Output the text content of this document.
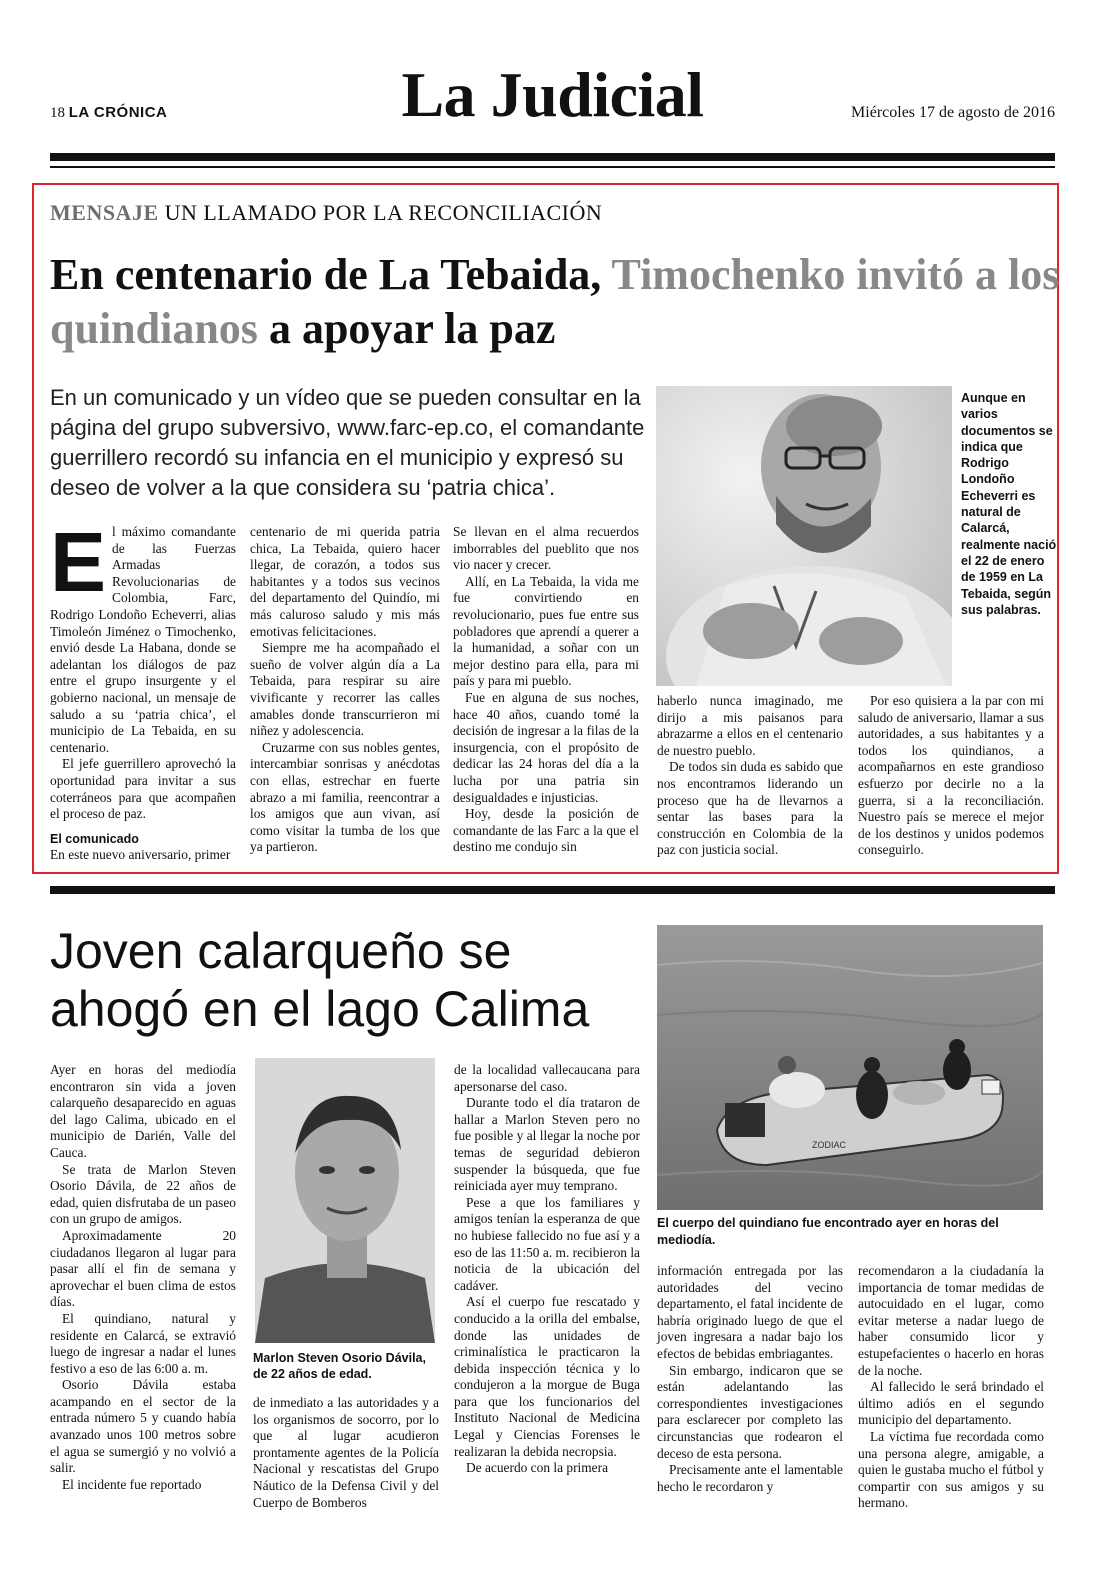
18 LA CRÓNICA	La Judicial	Miércoles 17 de agosto de 2016
MENSAJE UN LLAMADO POR LA RECONCILIACIÓN
En centenario de La Tebaida, Timochenko invitó a los quindianos a apoyar la paz
En un comunicado y un vídeo que se pueden consultar en la página del grupo subversivo, www.farc-ep.co, el comandante guerrillero recordó su infancia en el municipio y expresó su deseo de volver a la que considera su ‘patria chica’.

El máximo comandante de las Fuerzas Armadas Revolucionarias de Colombia, Farc, Rodrigo Londoño Echeverri, alias Timoleón Jiménez o Timochenko, envió desde La Habana, donde se adelantan los diálogos de paz entre el grupo insurgente y el gobierno nacional, un mensaje de saludo a su ‘patria chica’, el municipio de La Tebaida, en su centenario.

El jefe guerrillero aprovechó la oportunidad para invitar a sus coterráneos para que acompañen el proceso de paz.

El comunicado

En este nuevo aniversario, primer

centenario de mi querida patria chica, La Tebaida, quiero hacer llegar, de corazón, a todos sus habitantes y a todos sus vecinos del departamento del Quindío, mi más caluroso saludo y mis más emotivas felicitaciones.

Siempre me ha acompañado el sueño de volver algún día a La Tebaida, para respirar su aire vivificante y recorrer las calles amables donde transcurrieron mi niñez y adolescencia.

Cruzarme con sus nobles gentes, intercambiar sonrisas y anécdotas con ellas, estrechar en fuerte abrazo a mi familia, reencontrar a los amigos que aun vivan, así como visitar la tumba de los que ya partieron.

Se llevan en el alma recuerdos imborrables del pueblito que nos vio nacer y crecer.

Allí, en La Tebaida, la vida me fue convirtiendo en revolucionario, pues fue entre sus pobladores que aprendí a querer a la humanidad, a soñar con un mejor destino para ella, para mi país y para mi pueblo.

Fue en alguna de sus noches, hace 40 años, cuando tomé la decisión de ingresar a la filas de la insurgencia, con el propósito de dedicar las 24 horas del día a la lucha por una patria sin desigualdades e injusticias.

Hoy, desde la posición de comandante de las Farc a la que el destino me condujo sin

Aunque en varios documentos se indica que Rodrigo Londoño Echeverri es natural de Calarcá, realmente nació el 22 de enero de 1959 en La Tebaida, según sus palabras.

haberlo nunca imaginado, me dirijo a mis paisanos para abrazarme a ellos en el centenario de nuestro pueblo.

De todos sin duda es sabido que nos encontramos liderando un proceso que ha de llevarnos a sentar las bases para la construcción en Colombia de la paz con justicia social.

Por eso quisiera a la par con mi saludo de aniversario, llamar a sus autoridades, a sus habitantes y a todos los quindianos, a acompañarnos en este grandioso esfuerzo por decirle no a la guerra, si a la reconciliación. Nuestro país se merece el mejor de los destinos y unidos podemos conseguirlo.

Joven calarqueño se ahogó en el lago Calima

Ayer en horas del mediodía encontraron sin vida a joven calarqueño desaparecido en aguas del lago Calima, ubicado en el municipio de Darién, Valle del Cauca.

Se trata de Marlon Steven Osorio Dávila, de 22 años de edad, quien disfrutaba de un paseo con un grupo de amigos.

Aproximadamente 20 ciudadanos llegaron al lugar para pasar allí el fin de semana y aprovechar el buen clima de estos días.

El quindiano, natural y residente en Calarcá, se extravió luego de ingresar a nadar el lunes festivo a eso de las 6:00 a. m.

Osorio Dávila estaba acampando en el sector de la entrada número 5 y cuando había avanzado unos 100 metros sobre el agua se sumergió y no volvió a salir.

El incidente fue reportado

Marlon Steven Osorio Dávila, de 22 años de edad.

de inmediato a las autoridades y a los organismos de socorro, por lo que al lugar acudieron prontamente agentes de la Policía Nacional y rescatistas del Grupo Náutico de la Defensa Civil y del Cuerpo de Bomberos

de la localidad vallecaucana para apersonarse del caso.

Durante todo el día trataron de hallar a Marlon Steven pero no fue posible y al llegar la noche por temas de seguridad debieron suspender la búsqueda, que fue reiniciada ayer muy temprano.

Pese a que los familiares y amigos tenían la esperanza de que no hubiese fallecido no fue así y a eso de las 11:50 a. m. recibieron la noticia de la ubicación del cadáver.

Así el cuerpo fue rescatado y conducido a la orilla del embalse, donde las unidades de criminalística le practicaron la debida inspección técnica y lo condujeron a la morgue de Buga para que los funcionarios del Instituto Nacional de Medicina Legal y Ciencias Forenses le realizaran la debida necropsia.

De acuerdo con la primera

ZODIAC
El cuerpo del quindiano fue encontrado ayer en horas del mediodía.

información entregada por las autoridades del vecino departamento, el fatal incidente de habría originado luego de que el joven ingresara a nadar bajo los efectos de bebidas embriagantes.

Sin embargo, indicaron que se están adelantando las correspondientes investigaciones para esclarecer por completo las circunstancias que rodearon el deceso de esta persona.

Precisamente ante el lamentable hecho le recordaron y

recomendaron a la ciudadanía la importancia de tomar medidas de autocuidado en el lugar, como evitar meterse a nadar luego de haber consumido licor y estupefacientes o hacerlo en horas de la noche.

Al fallecido le será brindado el último adiós en el segundo municipio del departamento.

La víctima fue recordada como una persona alegre, amigable, a quien le gustaba mucho el fútbol y compartir con sus amigos y su hermano.
